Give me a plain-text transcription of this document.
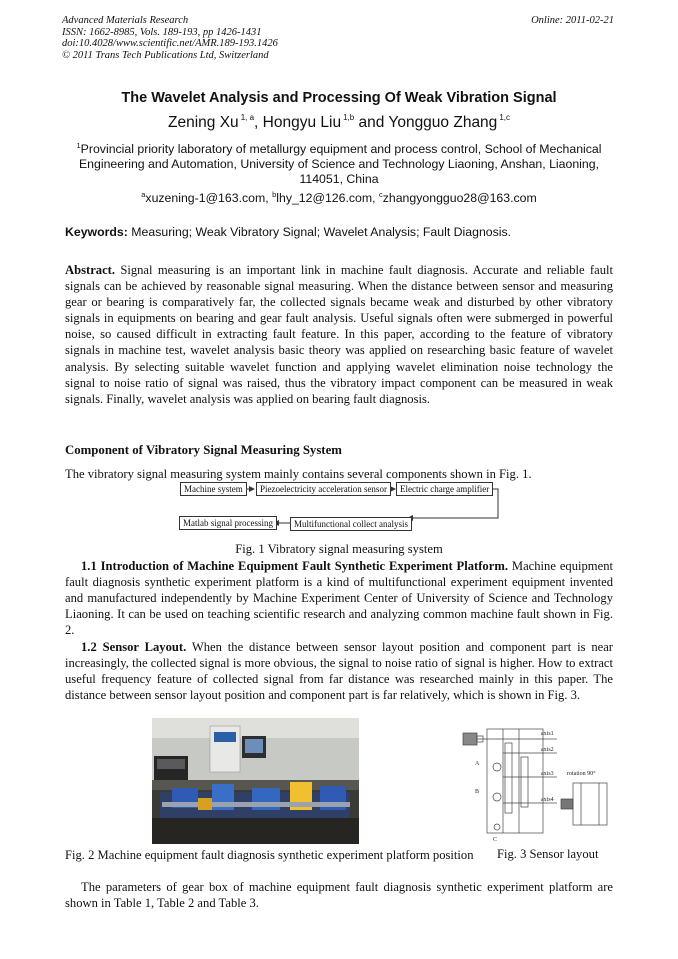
Advanced Materials Research
ISSN: 1662-8985, Vols. 189-193, pp 1426-1431
doi:10.4028/www.scientific.net/AMR.189-193.1426
© 2011 Trans Tech Publications Ltd, Switzerland
Online: 2011-02-21
The Wavelet Analysis and Processing Of Weak Vibration Signal
Zening Xu $^{1, a}$, Hongyu Liu $^{1,b}$ and Yongguo Zhang $^{1,c}$
$^1$Provincial priority laboratory of metallurgy equipment and process control, School of Mechanical Engineering and Automation, University of Science and Technology Liaoning, Anshan, Liaoning, 114051, China
$^a$xuzening-1@163.com, $^b$lhy_12@126.com, $^c$zhangyongguo28@163.com
Keywords: Measuring; Weak Vibratory Signal; Wavelet Analysis; Fault Diagnosis.
Abstract. Signal measuring is an important link in machine fault diagnosis. Accurate and reliable fault signals can be achieved by reasonable signal measuring. When the distance between sensor and measuring gear or bearing is comparatively far, the collected signals became weak and disturbed by other vibratory signals in equipments on bearing and gear fault analysis. Useful signals often were submerged in powerful noise, so caused difficult in extracting fault feature. In this paper, according to the feature of vibratory signals in machine test, wavelet analysis basic theory was applied on researching basic feature of wavelet analysis. By selecting suitable wavelet function and applying wavelet elimination noise technology the signal to noise ratio of signal was raised, thus the vibratory impact component can be measured in weak signals. Finally, wavelet analysis was applied on bearing fault diagnosis.
Component of Vibratory Signal Measuring System
The vibratory signal measuring system mainly contains several components shown in Fig. 1.
Machine system	Piezoelectricity acceleration sensor	Electric charge amplifier
Multifunctional collect analysis
Matlab signal processing
Fig. 1 Vibratory signal measuring system
1.1 Introduction of Machine Equipment Fault Synthetic Experiment Platform. Machine equipment fault diagnosis synthetic experiment platform is a kind of multifunctional experiment equipment invented and manufactured independently by Machine Experiment Center of University of Science and Technology Liaoning. It can be used on teaching scientific research and analyzing common machine fault shown in Fig. 2.
1.2 Sensor Layout. When the distance between sensor layout position and component part is near increasingly, the collected signal is more obvious, the signal to noise ratio of signal is higher. How to extract useful frequency feature of collected signal from far distance was researched mainly in this paper. The distance between sensor layout position and component part is far relatively, which is shown in Fig. 3.
axis1
axis2
axis3
axis4
rotation 90°
A
B
C
Fig. 2 Machine equipment fault diagnosis synthetic experiment platform position	Fig. 3 Sensor layout
The parameters of gear box of machine equipment fault diagnosis synthetic experiment platform are shown in Table 1, Table 2 and Table 3.
